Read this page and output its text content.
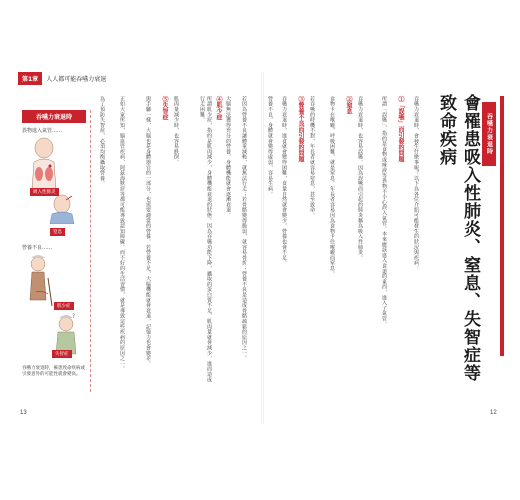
第1章	人人都可能吞嚥力衰退
吞嚥力衰退時
異物進入氣管……
吸入性肺炎
窒息
營養不良……
?
肌少症
失智症
吞嚥力衰退時，罹患致命疾病或引發意外的可能性就會變高。
若因為營養不良讓體重減輕，就無法行走；若骨骼變得脆弱，就容易骨折；營養不良是造成骨骼疏鬆的原因之一。
大腦無法獲得充分的營養，身體機能就會逐漸衰退。
④肌少症
所謂肌少症，指的是肌肉減少，身體機能衰退的狀態。因為吞嚥功能下降，攝取的蛋白質不足，肌肉量就會減少，進而造成行走困難。
肌肉量減少時，也容易跌倒。
⑤失智症
與手腳一樣，大腦也是身體器官的一部分，也需要適當的營養。若營養不足，大腦機能就會衰退，記憶力也會變差。
正如大家所知，腦血管疾病、阿茲海默症等都可能導致認知障礙。而不好的生活習慣，就是導致這些疾病的原因之一。
為了預防失智症，必須均衡攝取營養。
13
吞嚥力衰退時
會罹患吸入性肺炎、窒息、失智症等
致命疾病
吞嚥力衰退時，會發生什麼事呢？以下為各位介紹可能發生的狀況與疾病。
①「誤嚥」而引發的問題
所謂「誤嚥」，指的是食物或唾液等異物不小心誤入氣管。本來應該進入食道的東西，進入了氣管。
吞嚥力衰退時，也容易誤嚥。因為誤嚥而引起的肺炎稱為吸入性肺炎。
②窒息
食物卡在喉嚨，呼吸困難，就是窒息。年長者容易因為食物卡住喉嚨而窒息。
若吞嚥的時機不對，年長者就容易窒息，甚至致命。
③營養不良而引發的問題
吞嚥力衰退時，進食就會變得困難，食量自然就會變少，營養也會不足。
營養不良，身體就會變得虛弱，容易生病。
12
